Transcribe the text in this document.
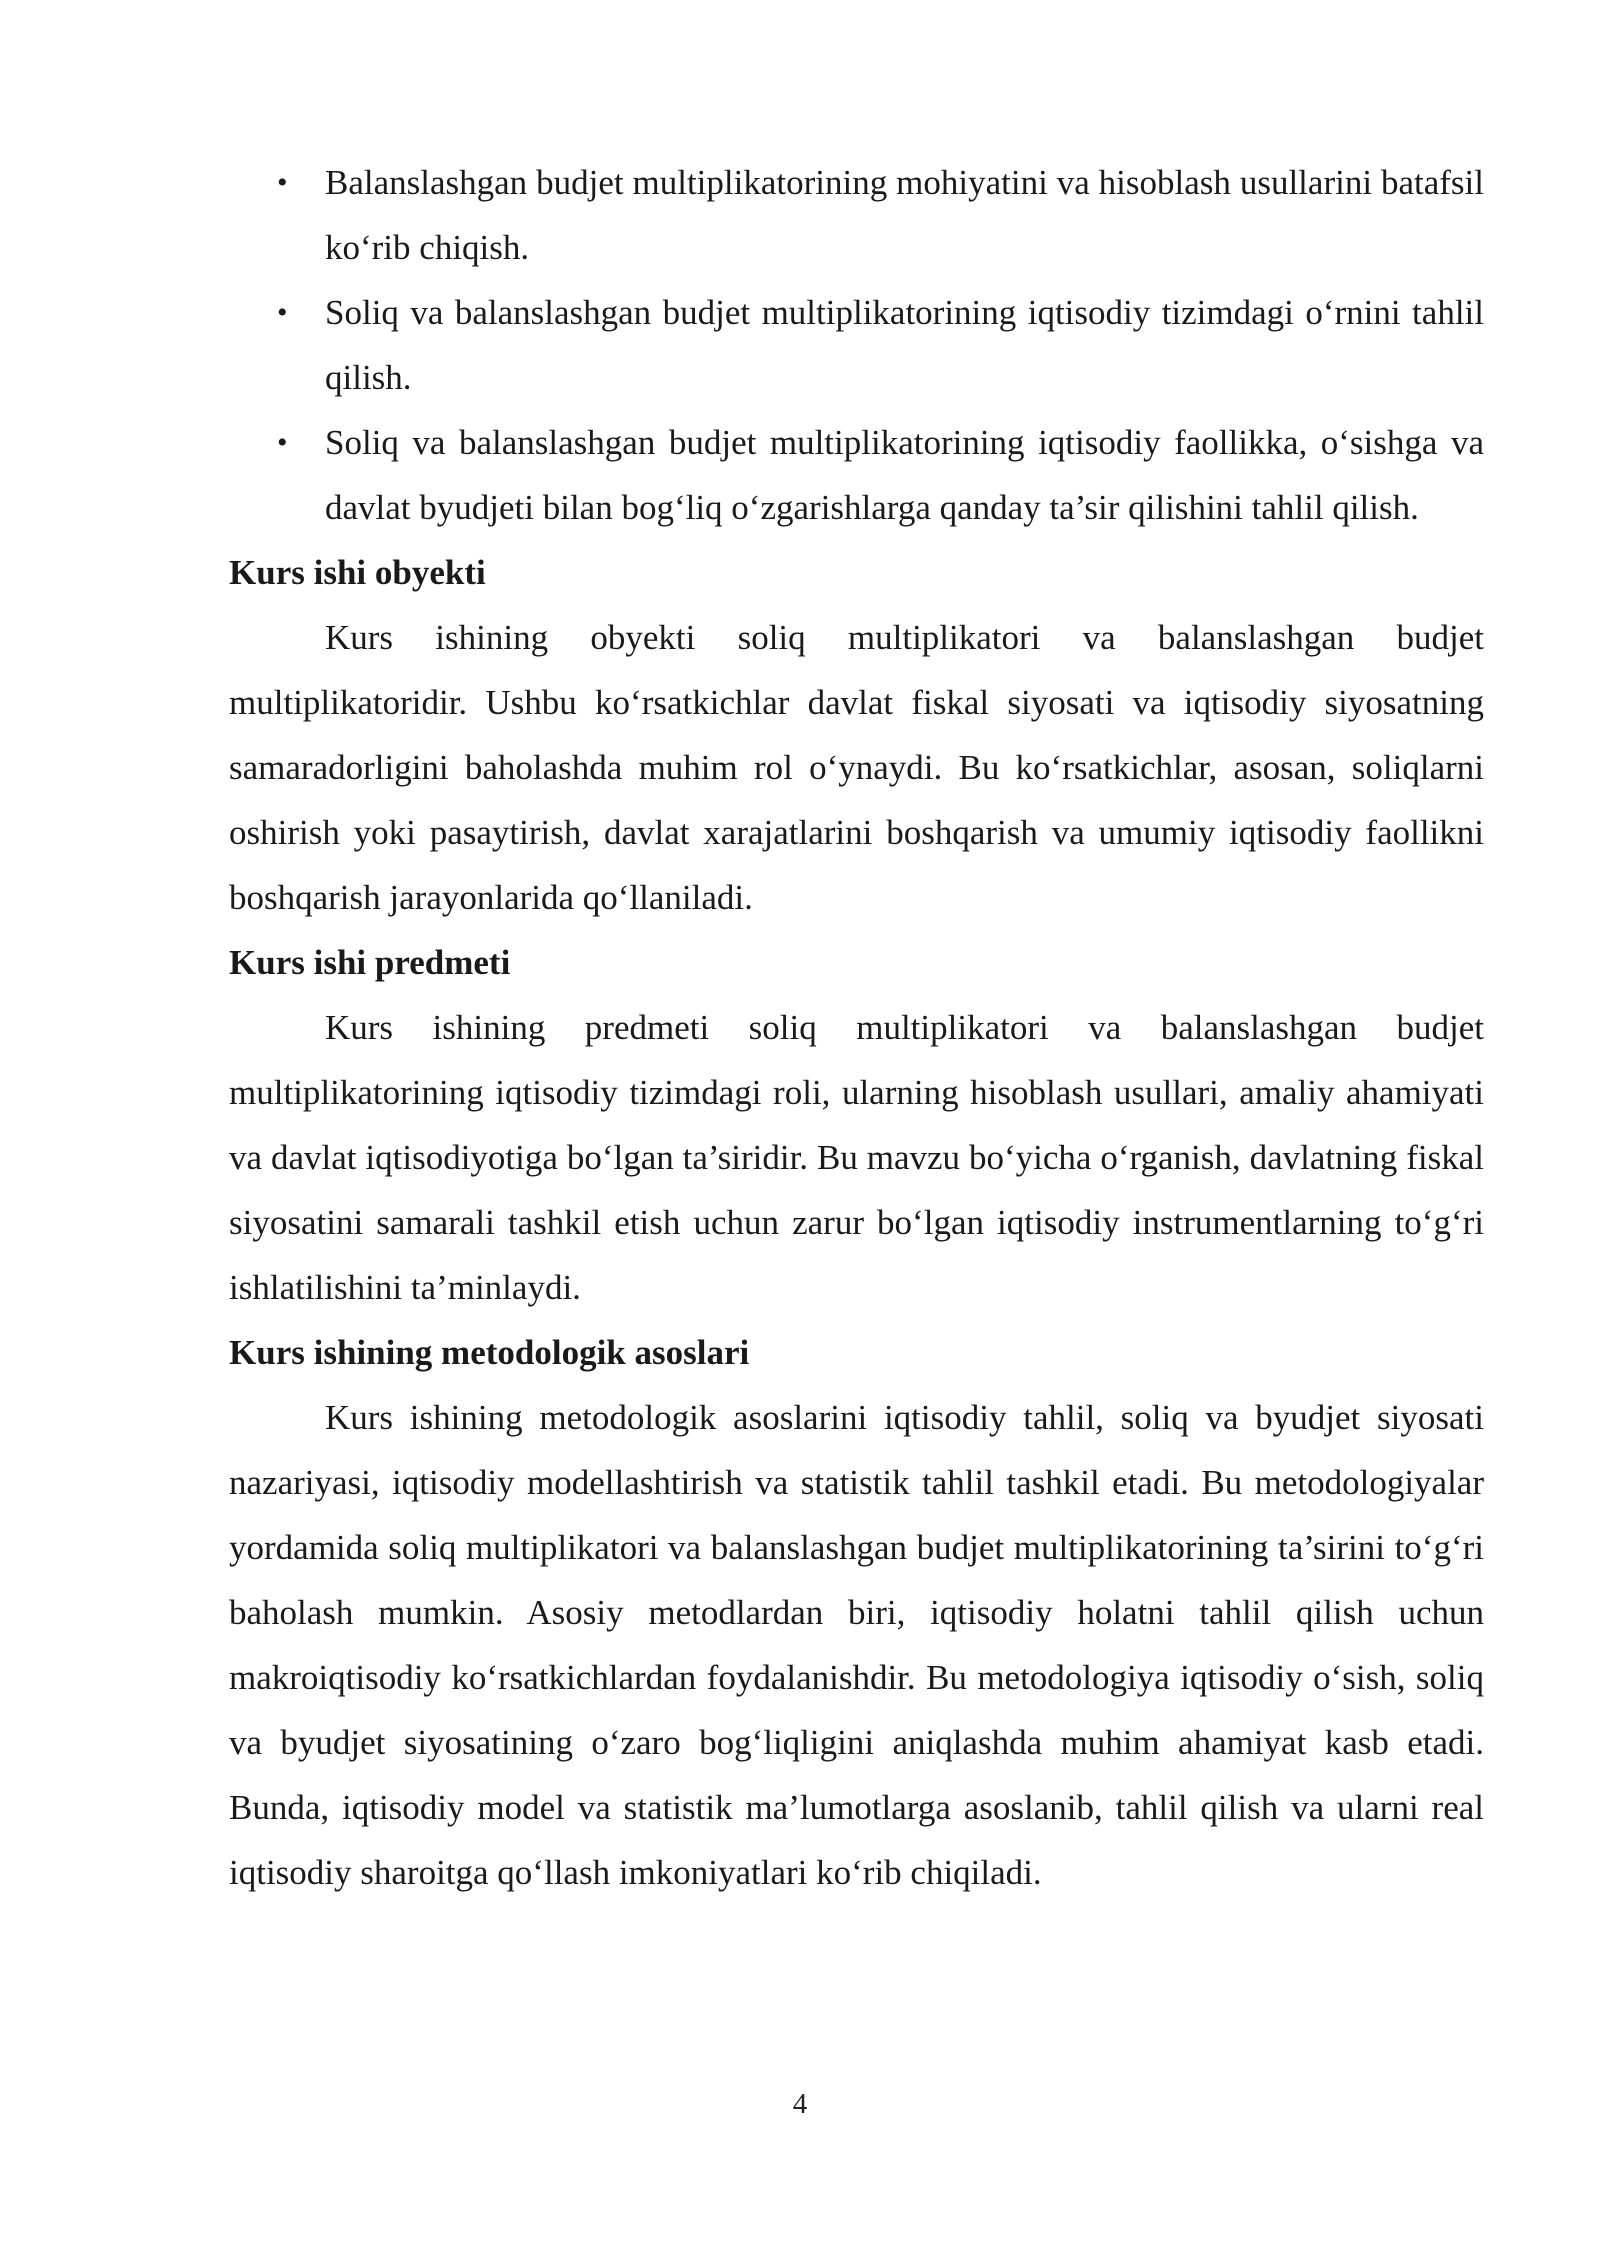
• Balanslashgan budjet multiplikatorining mohiyatini va hisoblash usullarini batafsil ko‘rib chiqish.
• Soliq va balanslashgan budjet multiplikatorining iqtisodiy tizimdagi o‘rnini tahlil qilish.
• Soliq va balanslashgan budjet multiplikatorining iqtisodiy faollikka, o‘sishga va davlat byudjeti bilan bog‘liq o‘zgarishlarga qanday ta’sir qilishini tahlil qilish.
Kurs ishi obyekti

Kurs ishining obyekti soliq multiplikatori va balanslashgan budjet multiplikatoridir. Ushbu ko‘rsatkichlar davlat fiskal siyosati va iqtisodiy siyosatning samaradorligini baholashda muhim rol o‘ynaydi. Bu ko‘rsatkichlar, asosan, soliqlarni oshirish yoki pasaytirish, davlat xarajatlarini boshqarish va umumiy iqtisodiy faollikni boshqarish jarayonlarida qo‘llaniladi.

Kurs ishi predmeti

Kurs ishining predmeti soliq multiplikatori va balanslashgan budjet multiplikatorining iqtisodiy tizimdagi roli, ularning hisoblash usullari, amaliy ahamiyati va davlat iqtisodiyotiga bo‘lgan ta’siridir. Bu mavzu bo‘yicha o‘rganish, davlatning fiskal siyosatini samarali tashkil etish uchun zarur bo‘lgan iqtisodiy instrumentlarning to‘g‘ri ishlatilishini ta’minlaydi.

Kurs ishining metodologik asoslari

Kurs ishining metodologik asoslarini iqtisodiy tahlil, soliq va byudjet siyosati nazariyasi, iqtisodiy modellashtirish va statistik tahlil tashkil etadi. Bu metodologiyalar yordamida soliq multiplikatori va balanslashgan budjet multiplikatorining ta’sirini to‘g‘ri baholash mumkin. Asosiy metodlardan biri, iqtisodiy holatni tahlil qilish uchun makroiqtisodiy ko‘rsatkichlardan foydalanishdir. Bu metodologiya iqtisodiy o‘sish, soliq va byudjet siyosatining o‘zaro bog‘liqligini aniqlashda muhim ahamiyat kasb etadi. Bunda, iqtisodiy model va statistik ma’lumotlarga asoslanib, tahlil qilish va ularni real iqtisodiy sharoitga qo‘llash imkoniyatlari ko‘rib chiqiladi.

4
